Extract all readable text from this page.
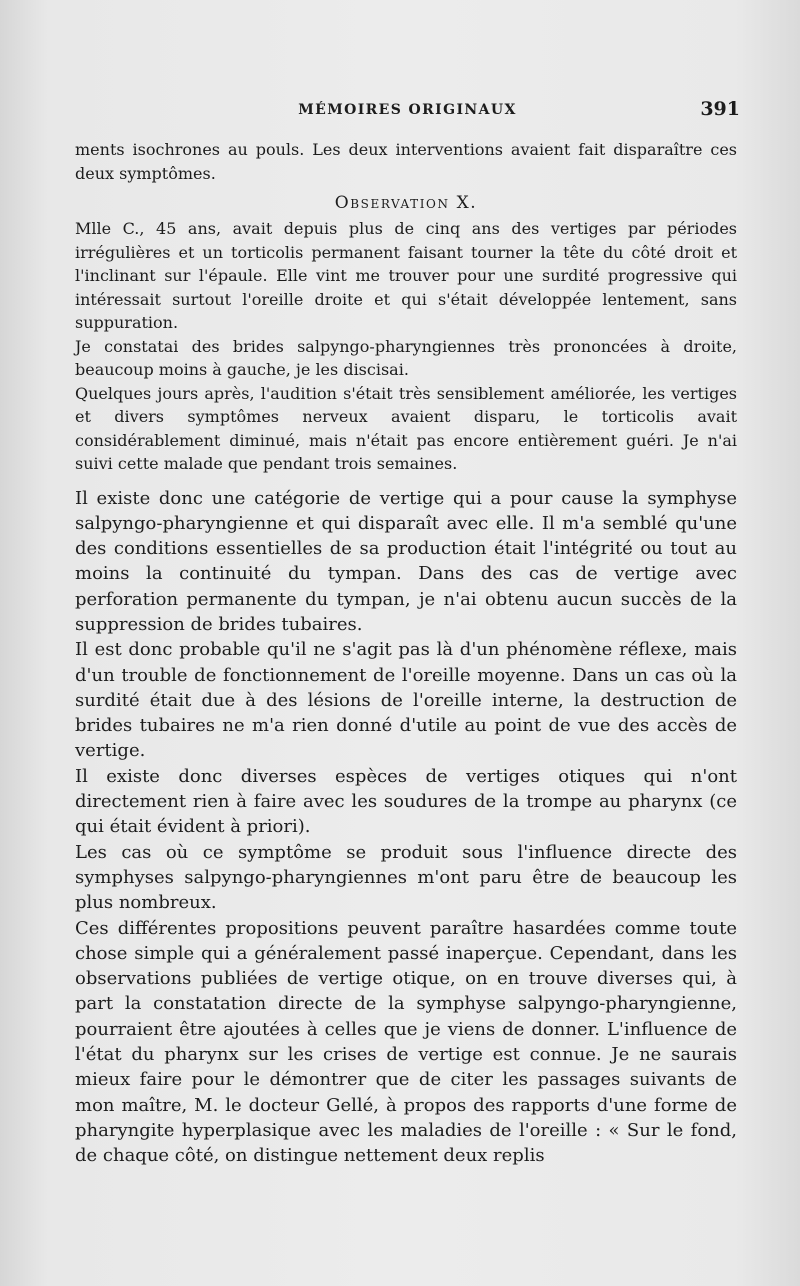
MÉMOIRES ORIGINAUX	391

ments isochrones au pouls. Les deux interventions avaient fait disparaître ces deux symptômes.

Observation X.

Mlle C., 45 ans, avait depuis plus de cinq ans des vertiges par périodes irrégulières et un torticolis permanent faisant tourner la tête du côté droit et l'inclinant sur l'épaule. Elle vint me trouver pour une surdité progressive qui intéressait surtout l'oreille droite et qui s'était développée lentement, sans suppuration.

Je constatai des brides salpyngo-pharyngiennes très prononcées à droite, beaucoup moins à gauche, je les discisai.

Quelques jours après, l'audition s'était très sensiblement améliorée, les vertiges et divers symptômes nerveux avaient disparu, le torticolis avait considérablement diminué, mais n'était pas encore entièrement guéri. Je n'ai suivi cette malade que pendant trois semaines.

Il existe donc une catégorie de vertige qui a pour cause la symphyse salpyngo-pharyngienne et qui disparaît avec elle. Il m'a semblé qu'une des conditions essentielles de sa production était l'intégrité ou tout au moins la continuité du tympan. Dans des cas de vertige avec perforation permanente du tympan, je n'ai obtenu aucun succès de la suppression de brides tubaires.

Il est donc probable qu'il ne s'agit pas là d'un phénomène réflexe, mais d'un trouble de fonctionnement de l'oreille moyenne. Dans un cas où la surdité était due à des lésions de l'oreille interne, la destruction de brides tubaires ne m'a rien donné d'utile au point de vue des accès de vertige.

Il existe donc diverses espèces de vertiges otiques qui n'ont directement rien à faire avec les soudures de la trompe au pharynx (ce qui était évident à priori).

Les cas où ce symptôme se produit sous l'influence directe des symphyses salpyngo-pharyngiennes m'ont paru être de beaucoup les plus nombreux.

Ces différentes propositions peuvent paraître hasardées comme toute chose simple qui a généralement passé inaperçue. Cependant, dans les observations publiées de vertige otique, on en trouve diverses qui, à part la constatation directe de la symphyse salpyngo-pharyngienne, pourraient être ajoutées à celles que je viens de donner. L'influence de l'état du pharynx sur les crises de vertige est connue. Je ne saurais mieux faire pour le démontrer que de citer les passages suivants de mon maître, M. le docteur Gellé, à propos des rapports d'une forme de pharyngite hyperplasique avec les maladies de l'oreille : « Sur le fond, de chaque côté, on distingue nettement deux replis
